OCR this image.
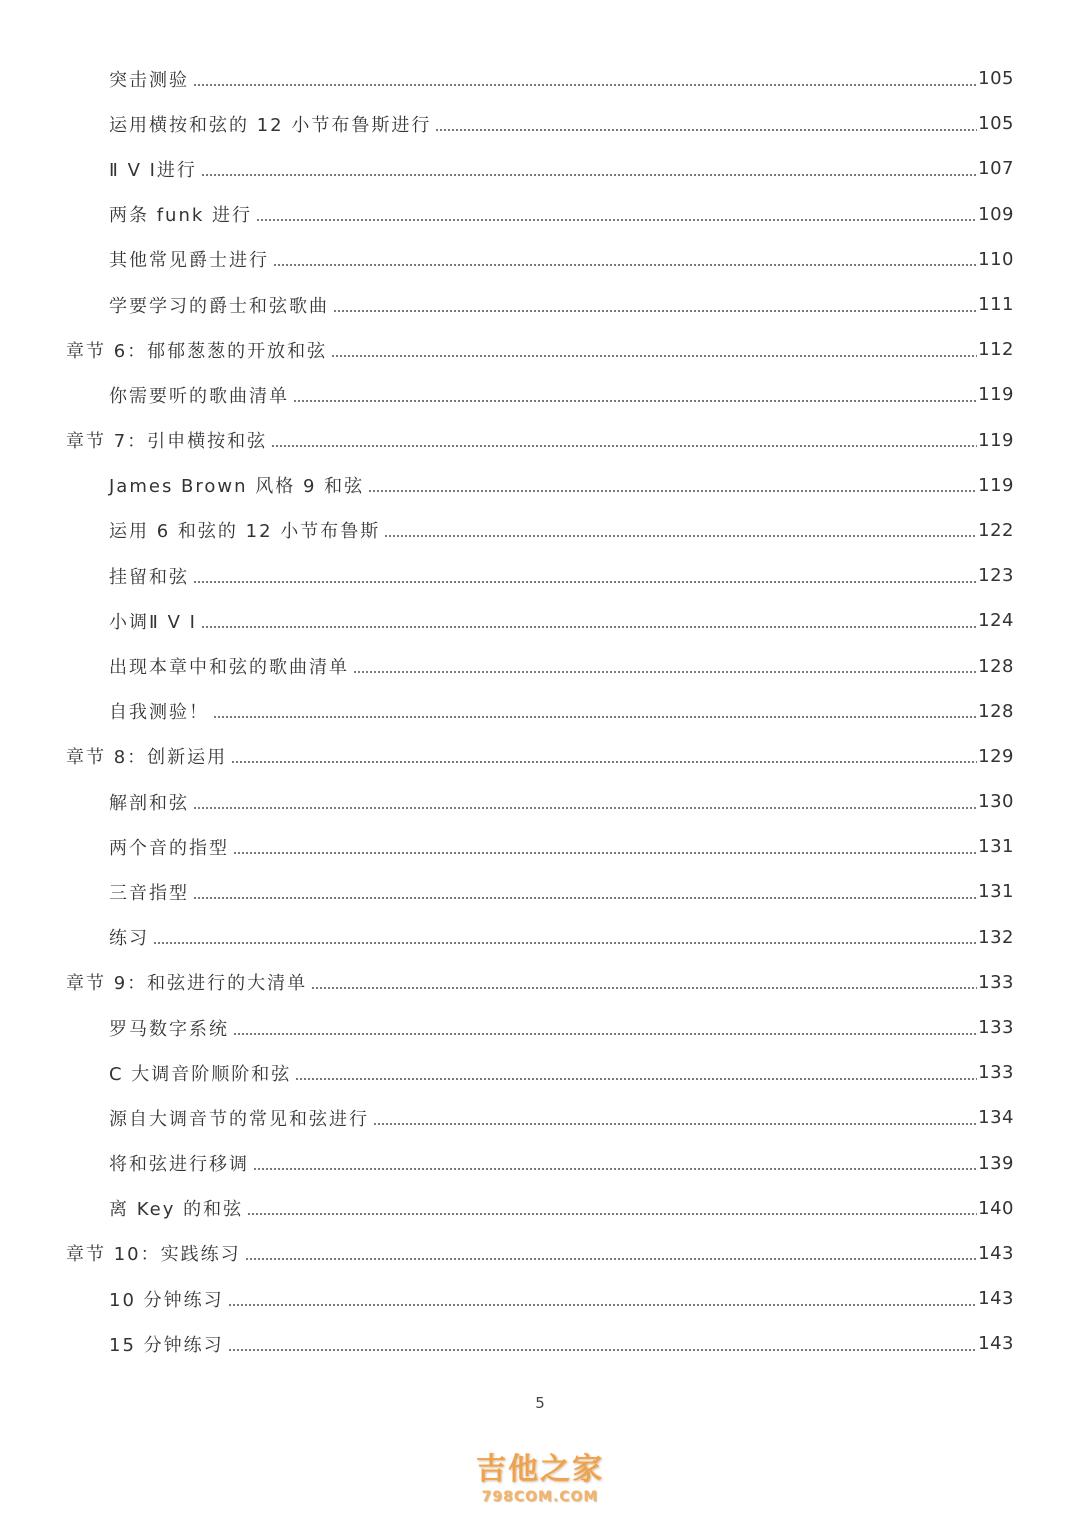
突击测验	105
运用横按和弦的 12 小节布鲁斯进行	105
Ⅱ Ⅴ Ⅰ进行	107
两条 funk 进行	109
其他常见爵士进行	110
学要学习的爵士和弦歌曲	111
章节 6：郁郁葱葱的开放和弦	112
你需要听的歌曲清单	119
章节 7：引申横按和弦	119
James Brown 风格 9 和弦	119
运用 6 和弦的 12 小节布鲁斯	122
挂留和弦	123
小调Ⅱ Ⅴ Ⅰ	124
出现本章中和弦的歌曲清单	128
自我测验！	128
章节 8：创新运用	129
解剖和弦	130
两个音的指型	131
三音指型	131
练习	132
章节 9：和弦进行的大清单	133
罗马数字系统	133
C 大调音阶顺阶和弦	133
源自大调音节的常见和弦进行	134
将和弦进行移调	139
离 Key 的和弦	140
章节 10：实践练习	143
10 分钟练习	143
15 分钟练习	143
5
吉他之家
798COM.COM
